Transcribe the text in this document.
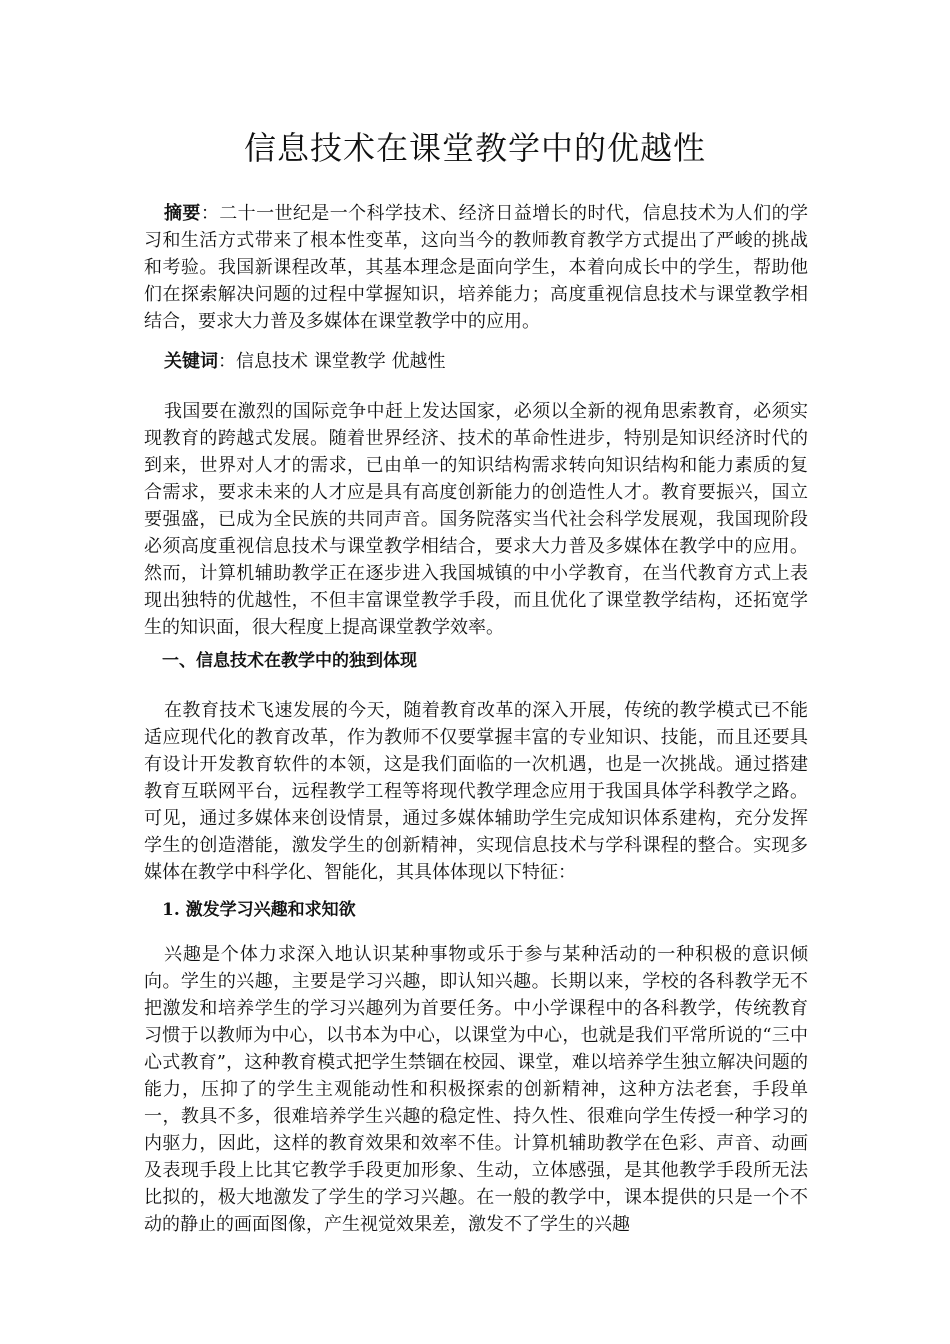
信息技术在课堂教学中的优越性
摘要：二十一世纪是一个科学技术、经济日益增长的时代，信息技术为人们的学习和生活方式带来了根本性变革，这向当今的教师教育教学方式提出了严峻的挑战和考验。我国新课程改革，其基本理念是面向学生，本着向成长中的学生，帮助他们在探索解决问题的过程中掌握知识，培养能力；高度重视信息技术与课堂教学相结合，要求大力普及多媒体在课堂教学中的应用。
关键词：信息技术 课堂教学 优越性
我国要在激烈的国际竞争中赶上发达国家，必须以全新的视角思索教育，必须实现教育的跨越式发展。随着世界经济、技术的革命性进步，特别是知识经济时代的到来，世界对人才的需求，已由单一的知识结构需求转向知识结构和能力素质的复合需求，要求未来的人才应是具有高度创新能力的创造性人才。教育要振兴，国立要强盛，已成为全民族的共同声音。国务院落实当代社会科学发展观，我国现阶段必须高度重视信息技术与课堂教学相结合，要求大力普及多媒体在教学中的应用。然而，计算机辅助教学正在逐步进入我国城镇的中小学教育，在当代教育方式上表现出独特的优越性，不但丰富课堂教学手段，而且优化了课堂教学结构，还拓宽学生的知识面，很大程度上提高课堂教学效率。
一、信息技术在教学中的独到体现
在教育技术飞速发展的今天，随着教育改革的深入开展，传统的教学模式已不能适应现代化的教育改革，作为教师不仅要掌握丰富的专业知识、技能，而且还要具有设计开发教育软件的本领，这是我们面临的一次机遇，也是一次挑战。通过搭建教育互联网平台，远程教学工程等将现代教学理念应用于我国具体学科教学之路。可见，通过多媒体来创设情景，通过多媒体辅助学生完成知识体系建构，充分发挥学生的创造潜能，激发学生的创新精神，实现信息技术与学科课程的整合。实现多媒体在教学中科学化、智能化，其具体体现以下特征：
1. 激发学习兴趣和求知欲
兴趣是个体力求深入地认识某种事物或乐于参与某种活动的一种积极的意识倾向。学生的兴趣，主要是学习兴趣，即认知兴趣。长期以来，学校的各科教学无不把激发和培养学生的学习兴趣列为首要任务。中小学课程中的各科教学，传统教育习惯于以教师为中心，以书本为中心，以课堂为中心，也就是我们平常所说的“三中心式教育”，这种教育模式把学生禁锢在校园、课堂，难以培养学生独立解决问题的能力，压抑了的学生主观能动性和积极探索的创新精神，这种方法老套，手段单一，教具不多，很难培养学生兴趣的稳定性、持久性、很难向学生传授一种学习的内驱力，因此，这样的教育效果和效率不佳。计算机辅助教学在色彩、声音、动画及表现手段上比其它教学手段更加形象、生动，立体感强，是其他教学手段所无法比拟的，极大地激发了学生的学习兴趣。在一般的教学中，课本提供的只是一个不动的静止的画面图像，产生视觉效果差，激发不了学生的兴趣
